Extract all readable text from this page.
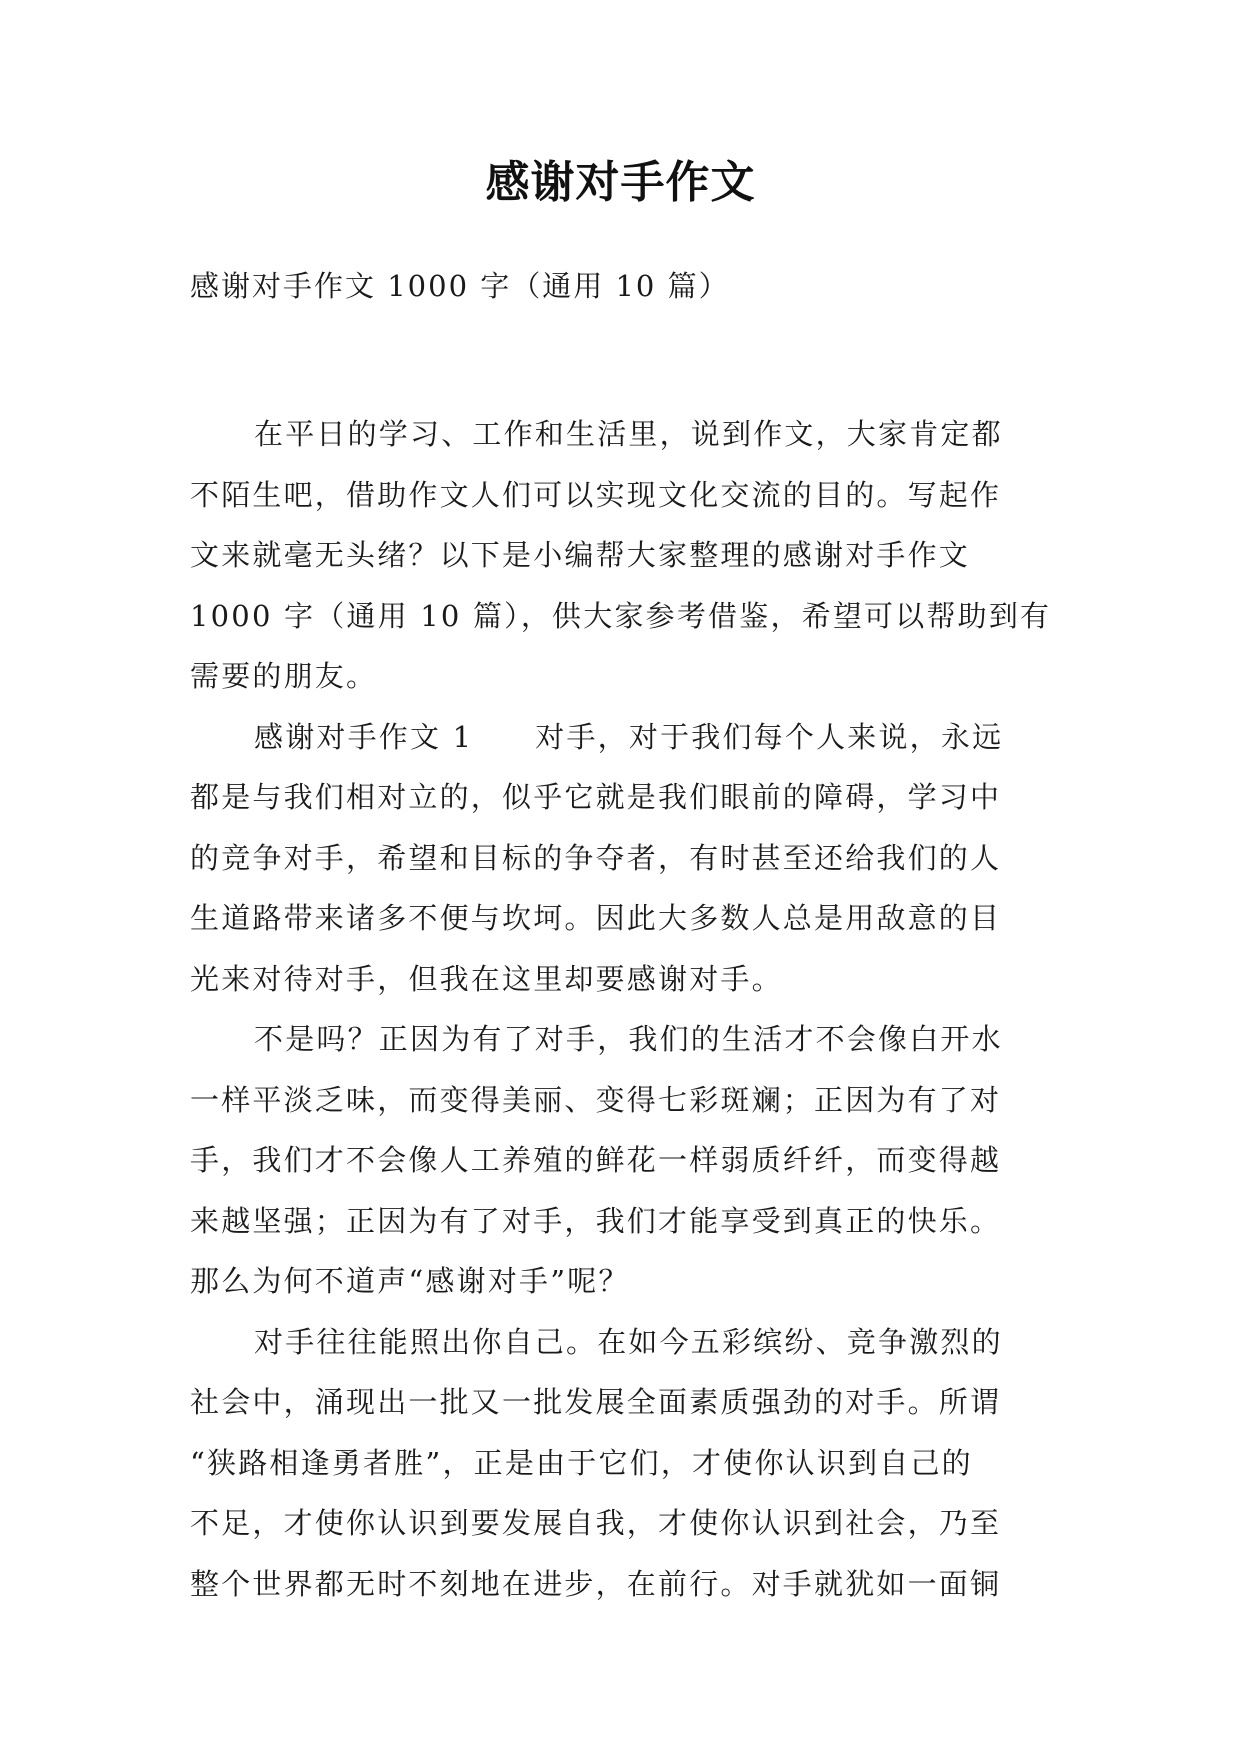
感谢对手作文
感谢对手作文 1000 字（通用 10 篇）
在平日的学习、工作和生活里，说到作文，大家肯定都
不陌生吧，借助作文人们可以实现文化交流的目的。写起作
文来就毫无头绪？以下是小编帮大家整理的感谢对手作文
1000 字（通用 10 篇），供大家参考借鉴，希望可以帮助到有
需要的朋友。
感谢对手作文 1 对手，对于我们每个人来说，永远
都是与我们相对立的，似乎它就是我们眼前的障碍，学习中
的竞争对手，希望和目标的争夺者，有时甚至还给我们的人
生道路带来诸多不便与坎坷。因此大多数人总是用敌意的目
光来对待对手，但我在这里却要感谢对手。
不是吗？正因为有了对手，我们的生活才不会像白开水
一样平淡乏味，而变得美丽、变得七彩斑斓；正因为有了对
手，我们才不会像人工养殖的鲜花一样弱质纤纤，而变得越
来越坚强；正因为有了对手，我们才能享受到真正的快乐。
那么为何不道声“感谢对手”呢？
对手往往能照出你自己。在如今五彩缤纷、竞争激烈的
社会中，涌现出一批又一批发展全面素质强劲的对手。所谓
“狭路相逢勇者胜”，正是由于它们，才使你认识到自己的
不足，才使你认识到要发展自我，才使你认识到社会，乃至
整个世界都无时不刻地在进步，在前行。对手就犹如一面铜
